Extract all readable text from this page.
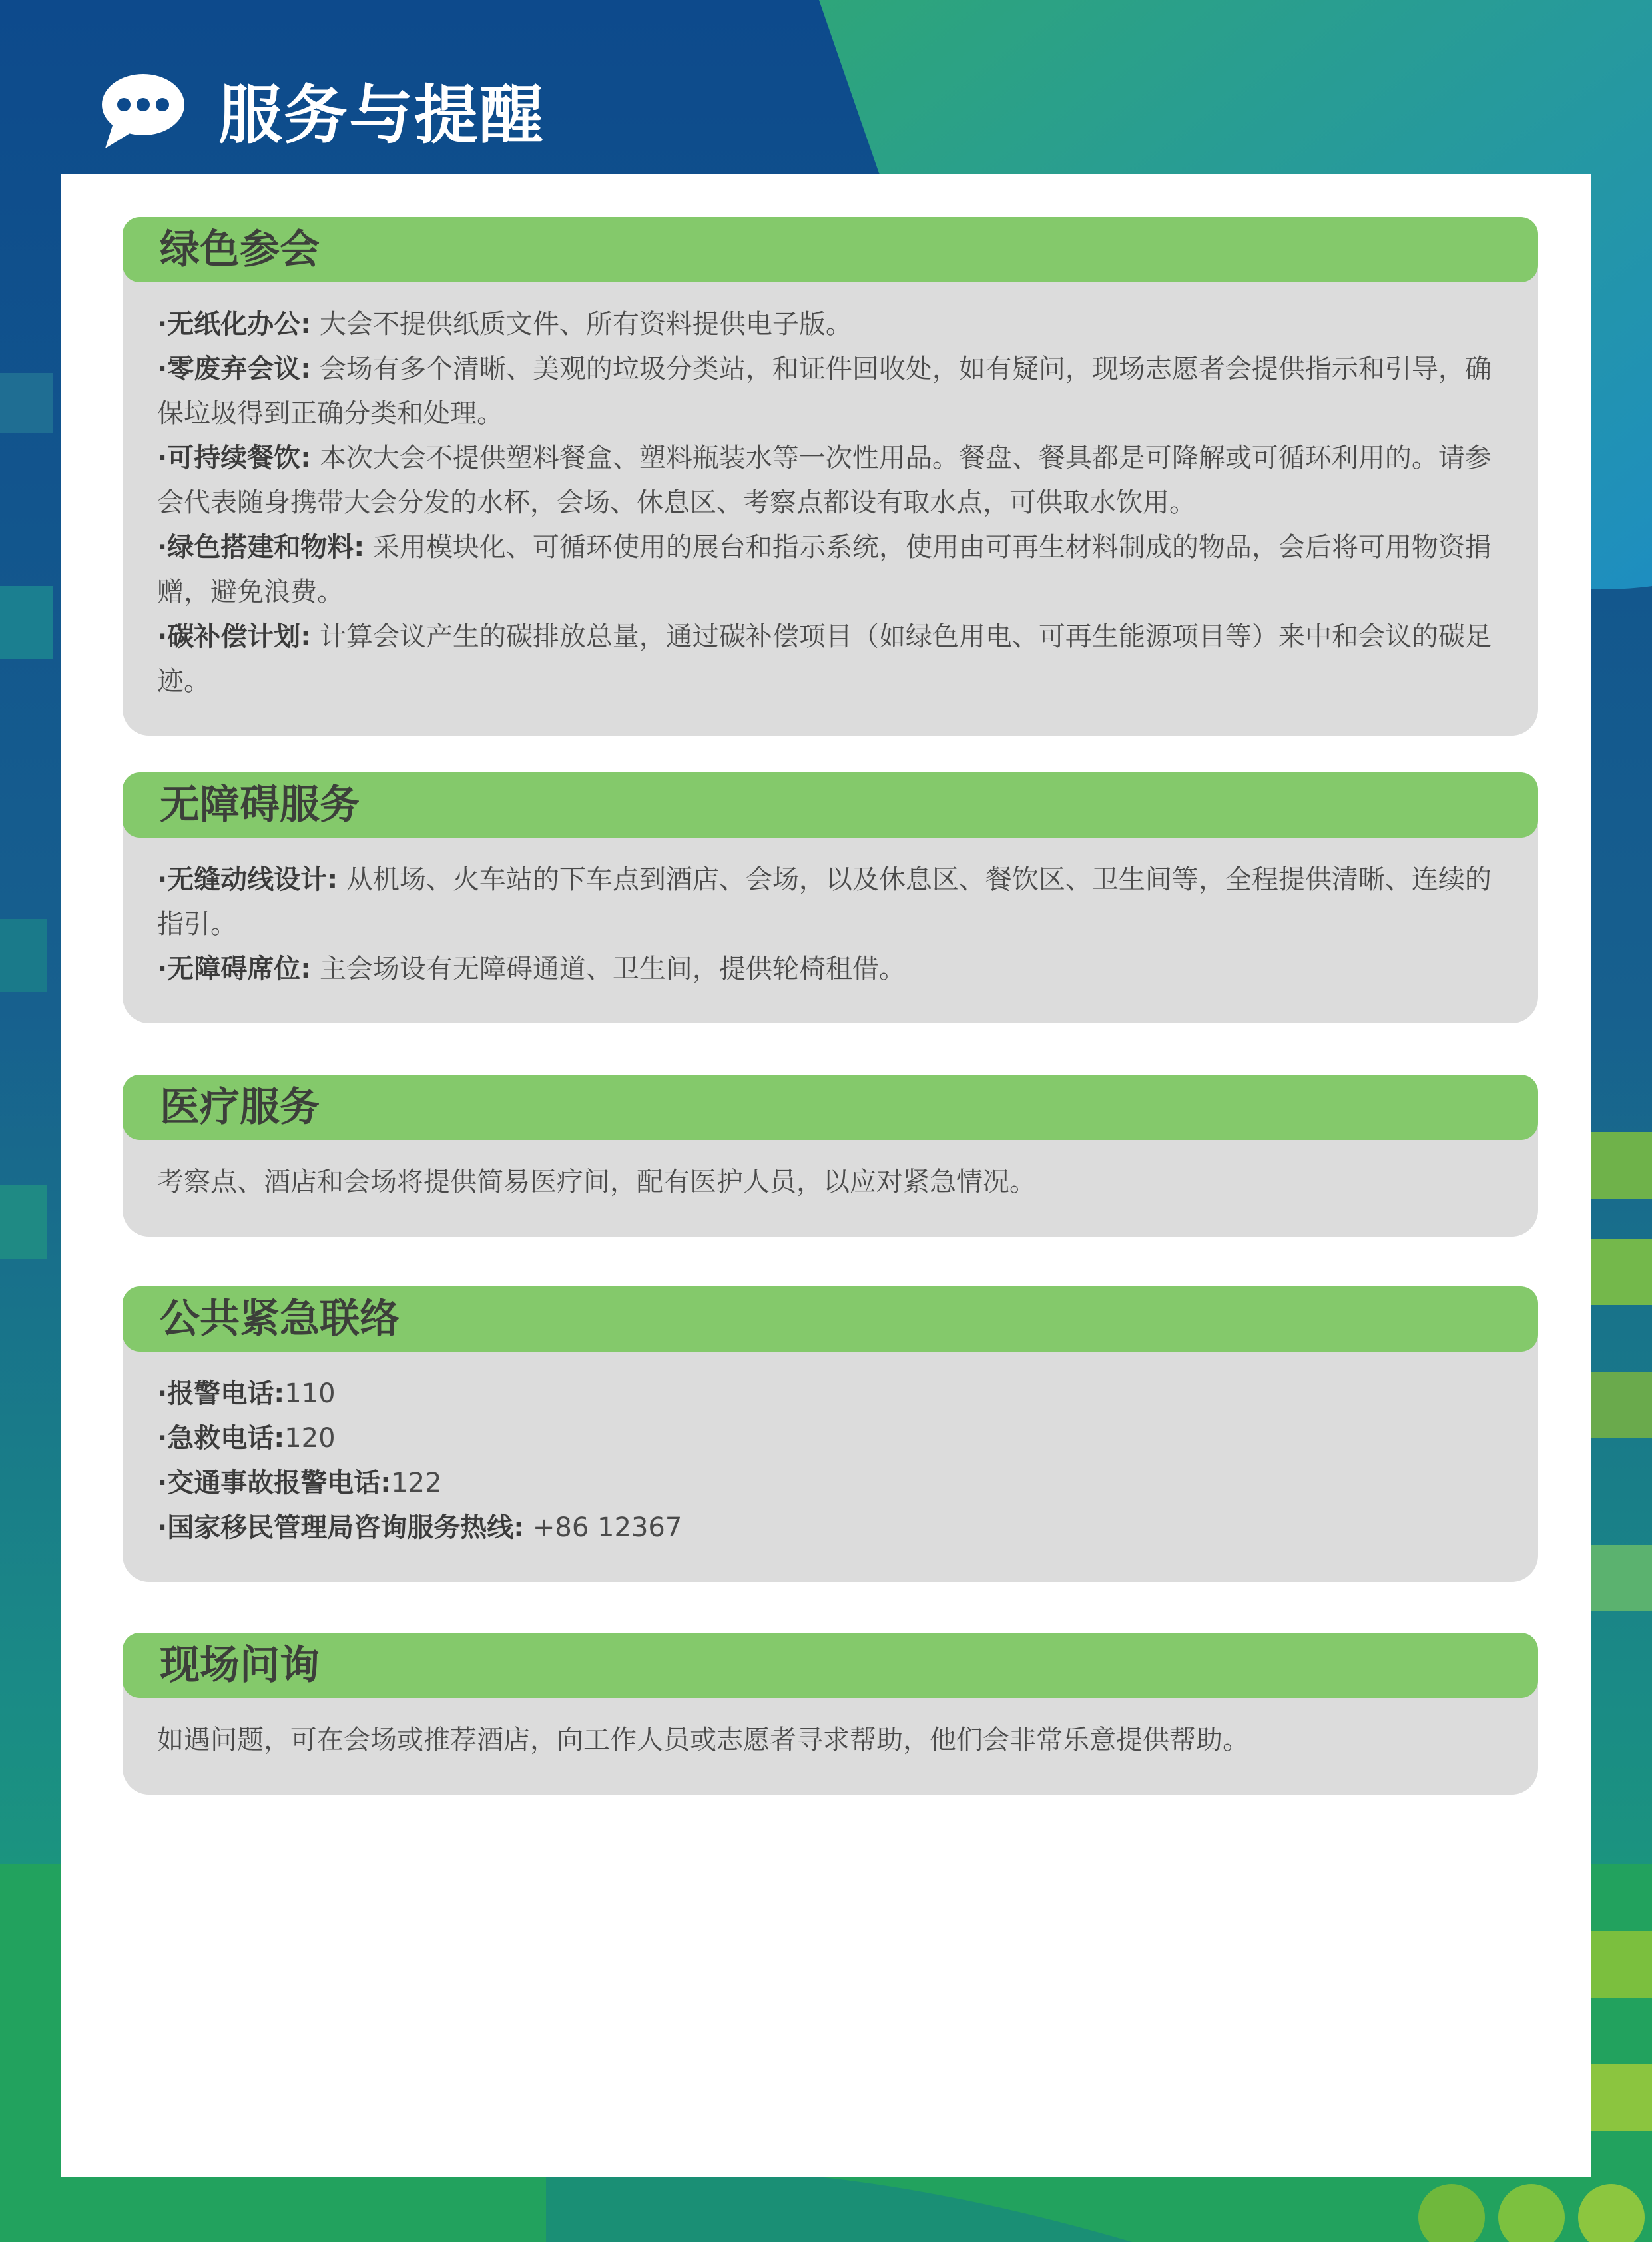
服务与提醒
绿色参会
·无纸化办公: 大会不提供纸质文件、所有资料提供电子版。
·零废弃会议: 会场有多个清晰、美观的垃圾分类站，和证件回收处，如有疑问，现场志愿者会提供指示和引导，确保垃圾得到正确分类和处理。
·可持续餐饮: 本次大会不提供塑料餐盒、塑料瓶装水等一次性用品。餐盘、餐具都是可降解或可循环利用的。请参会代表随身携带大会分发的水杯，会场、休息区、考察点都设有取水点，可供取水饮用。
·绿色搭建和物料: 采用模块化、可循环使用的展台和指示系统，使用由可再生材料制成的物品，会后将可用物资捐赠，避免浪费。
·碳补偿计划: 计算会议产生的碳排放总量，通过碳补偿项目（如绿色用电、可再生能源项目等）来中和会议的碳足迹。
无障碍服务
·无缝动线设计: 从机场、火车站的下车点到酒店、会场，以及休息区、餐饮区、卫生间等，全程提供清晰、连续的指引。
·无障碍席位: 主会场设有无障碍通道、卫生间，提供轮椅租借。
医疗服务
考察点、酒店和会场将提供简易医疗间，配有医护人员，以应对紧急情况。
公共紧急联络
·报警电话:110
·急救电话:120
·交通事故报警电话:122
·国家移民管理局咨询服务热线: +86 12367
现场问询
如遇问题，可在会场或推荐酒店，向工作人员或志愿者寻求帮助，他们会非常乐意提供帮助。
